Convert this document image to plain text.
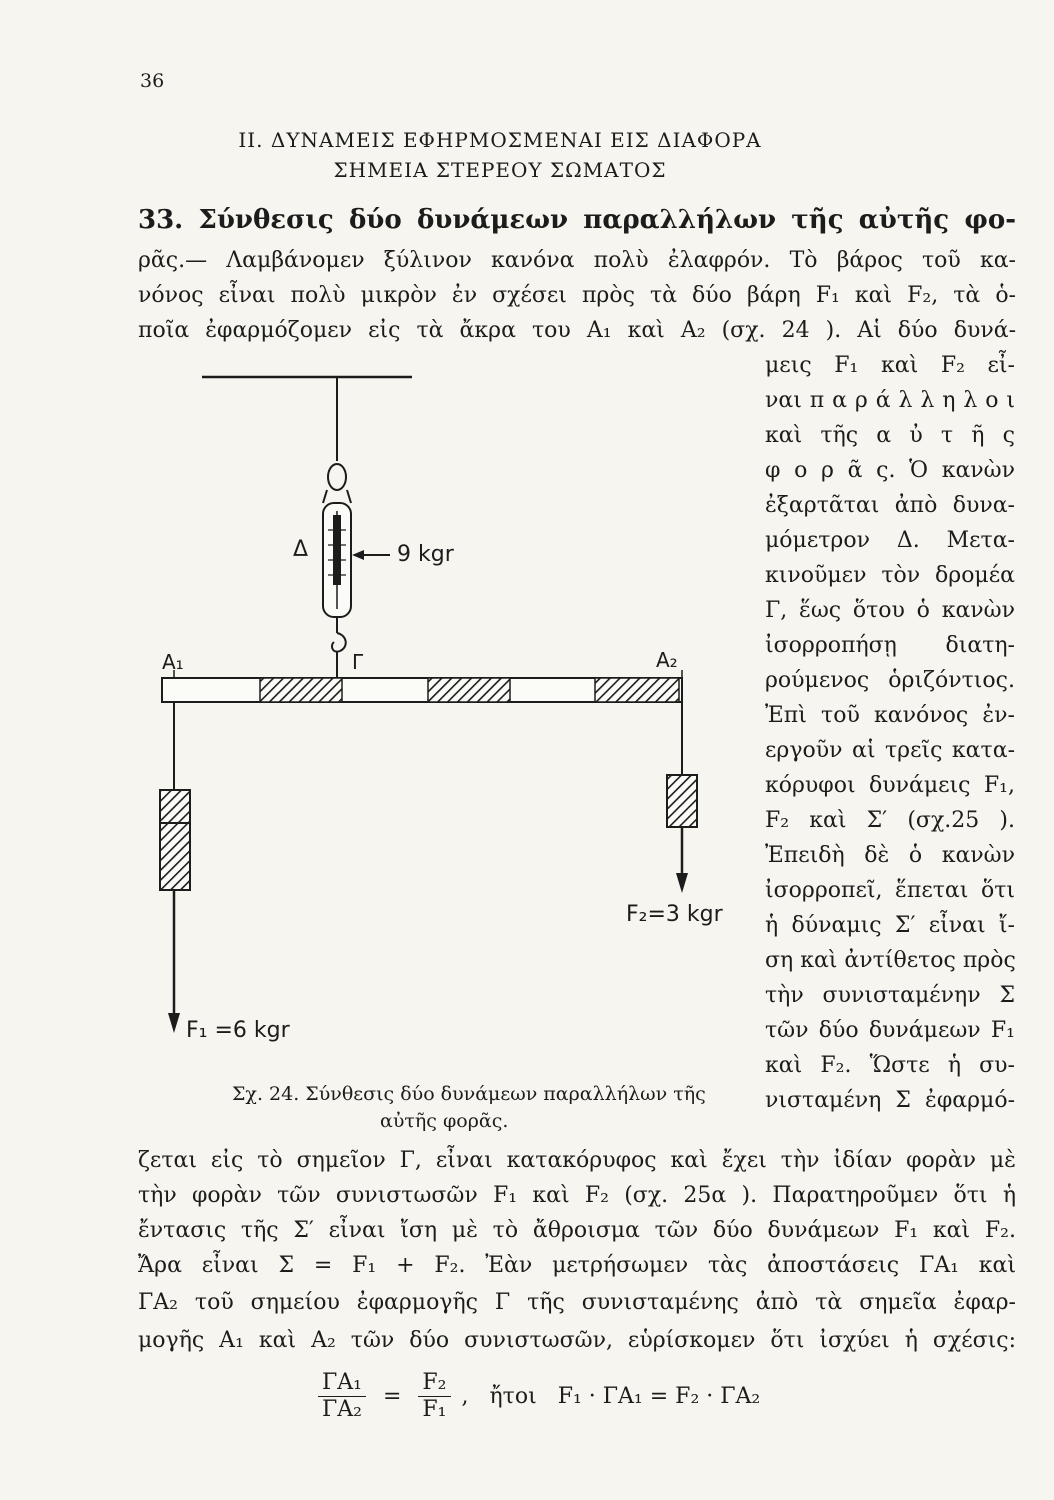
36
II. ΔΥΝΑΜΕΙΣ ΕΦΗΡΜΟΣΜΕΝΑΙ ΕΙΣ ΔΙΑΦΟΡΑ
ΣΗΜΕΙΑ ΣΤΕΡΕΟΥ ΣΩΜΑΤΟΣ
33. Σύνθεσις δύο δυνάμεων παραλλήλων τῆς αὐτῆς φο-
ρᾶς.— Λαμβάνομεν ξύλινον κανόνα πολὺ ἐλαφρόν. Τὸ βάρος τοῦ κα-
νόνος εἶναι πολὺ μικρὸν ἐν σχέσει πρὸς τὰ δύο βάρη F₁ καὶ F₂, τὰ ὁ-
ποῖα ἐφαρμόζομεν εἰς τὰ ἄκρα του A₁ καὶ A₂ (σχ. 24 ). Αἱ δύο δυνά-
μεις F₁ καὶ F₂ εἶ-
ναι π α ρ ά λ λ η λ ο ι
καὶ τῆς α ὐ τ ῆ ς
φ ο ρ ᾶ ς. Ὁ κανὼν
ἐξαρτᾶται ἀπὸ δυνα-
μόμετρον Δ. Μετα-
κινοῦμεν τὸν δρομέα
Γ, ἕως ὅτου ὁ κανὼν
ἰσορροπήσῃ διατη-
ρούμενος ὁριζόντιος.
Ἐπὶ τοῦ κανόνος ἐν-
εργοῦν αἱ τρεῖς κατα-
κόρυφοι δυνάμεις F₁,
F₂ καὶ Σ′ (σχ.25 ).
Ἐπειδὴ δὲ ὁ κανὼν
ἰσορροπεῖ, ἕπεται ὅτι
ἡ δύναμις Σ′ εἶναι ἴ-
ση καὶ ἀντίθετος πρὸς
τὴν συνισταμένην Σ
τῶν δύο δυνάμεων F₁
καὶ F₂. Ὥστε ἡ συ-
νισταμένη Σ ἐφαρμό-
Δ	9 kgr
A₁	Γ	A₂
F₂=3 kgr
F₁ =6 kgr
Σχ. 24. Σύνθεσις δύο δυνάμεων παραλλήλων τῆς
αὐτῆς φορᾶς.
ζεται εἰς τὸ σημεῖον Γ, εἶναι κατακόρυφος καὶ ἔχει τὴν ἰδίαν φορὰν μὲ
τὴν φορὰν τῶν συνιστωσῶν F₁ καὶ F₂ (σχ. 25α ). Παρατηροῦμεν ὅτι ἡ
ἔντασις τῆς Σ′ εἶναι ἴση μὲ τὸ ἄθροισμα τῶν δύο δυνάμεων F₁ καὶ F₂.
Ἄρα εἶναι Σ = F₁ + F₂. Ἐὰν μετρήσωμεν τὰς ἀποστάσεις ΓA₁ καὶ
ΓA₂ τοῦ σημείου ἐφαρμογῆς Γ τῆς συνισταμένης ἀπὸ τὰ σημεῖα ἐφαρ-
μογῆς A₁ καὶ A₂ τῶν δύο συνιστωσῶν, εὑρίσκομεν ὅτι ἰσχύει ἡ σχέσις:
$\frac{\text{ΓA₁}}{\text{ΓA₂}} = \frac{\text{F₂}}{\text{F₁}}$ ,   ἤτοι F₁ · ΓA₁ = F₂ · ΓA₂
